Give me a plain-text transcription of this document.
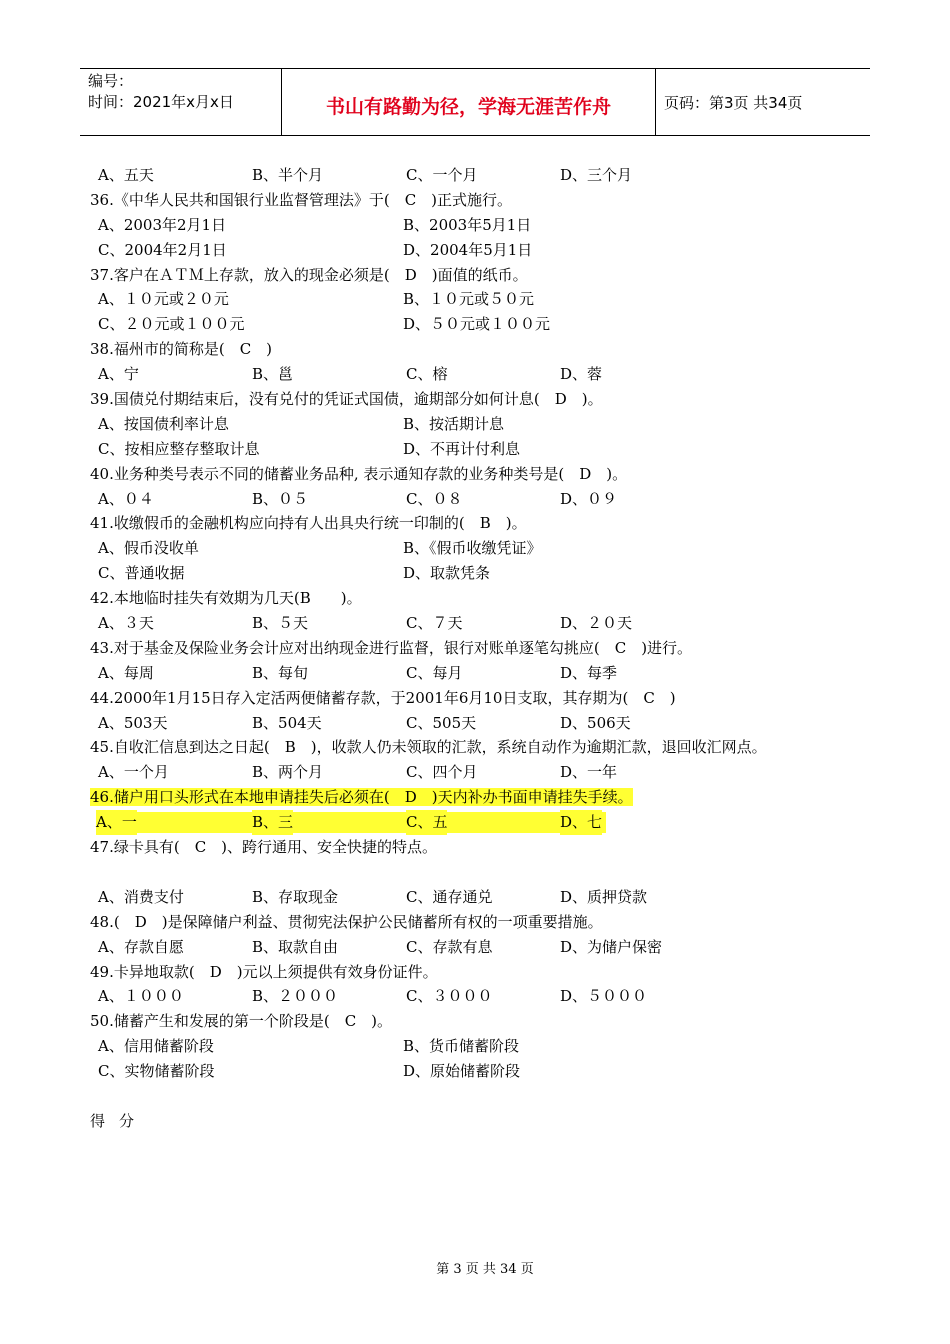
编号：
时间：2021年x月x日	书山有路勤为径，学海无涯苦作舟	页码：第3页 共34页
A、五天	B、半个月	C、一个月	D、三个月
36.《中华人民共和国银行业监督管理法》于(　C　)正式施行。
A、2003年2月1日	B、2003年5月1日
C、2004年2月1日	D、2004年5月1日
37.客户在ＡＴＭ上存款，放入的现金必须是(　D　)面值的纸币。
A、１０元或２０元	B、１０元或５０元
C、２０元或１００元	D、５０元或１００元
38.福州市的简称是(　C　)
A、宁	B、邕	C、榕	D、蓉
39.国债兑付期结束后，没有兑付的凭证式国债，逾期部分如何计息(　D　)。
A、按国债利率计息	B、按活期计息
C、按相应整存整取计息	D、不再计付利息
40.业务种类号表示不同的储蓄业务品种, 表示通知存款的业务种类号是(　D　)。
A、０４	B、０５	C、０８	D、０９
41.收缴假币的金融机构应向持有人出具央行统一印制的(　B　)。
A、假币没收单	B、《假币收缴凭证》
C、普通收据	D、取款凭条
42.本地临时挂失有效期为几天(B　　)。
A、３天	B、５天	C、７天	D、２０天
43.对于基金及保险业务会计应对出纳现金进行监督，银行对账单逐笔勾挑应(　C　)进行。
A、每周	B、每旬	C、每月	D、每季
44.2000年1月15日存入定活两便储蓄存款，于2001年6月10日支取，其存期为(　C　)
A、503天	B、504天	C、505天	D、506天
45.自收汇信息到达之日起(　B　)，收款人仍未领取的汇款，系统自动作为逾期汇款，退回收汇网点。
A、一个月	B、两个月	C、四个月	D、一年
46.储户用口头形式在本地申请挂失后必须在(　D　)天内补办书面申请挂失手续。
A、一	B、三	C、五	D、七
47.绿卡具有(　C　)、跨行通用、安全快捷的特点。
A、消费支付	B、存取现金	C、通存通兑	D、质押贷款
48.(　D　)是保障储户利益、贯彻宪法保护公民储蓄所有权的一项重要措施。
A、存款自愿	B、取款自由	C、存款有息	D、为储户保密
49.卡异地取款(　D　)元以上须提供有效身份证件。
A、１０００	B、２０００	C、３０００	D、５０００
50.储蓄产生和发展的第一个阶段是(　C　)。
A、信用储蓄阶段	B、货币储蓄阶段
C、实物储蓄阶段	D、原始储蓄阶段
得分
第 3 页 共 34 页
